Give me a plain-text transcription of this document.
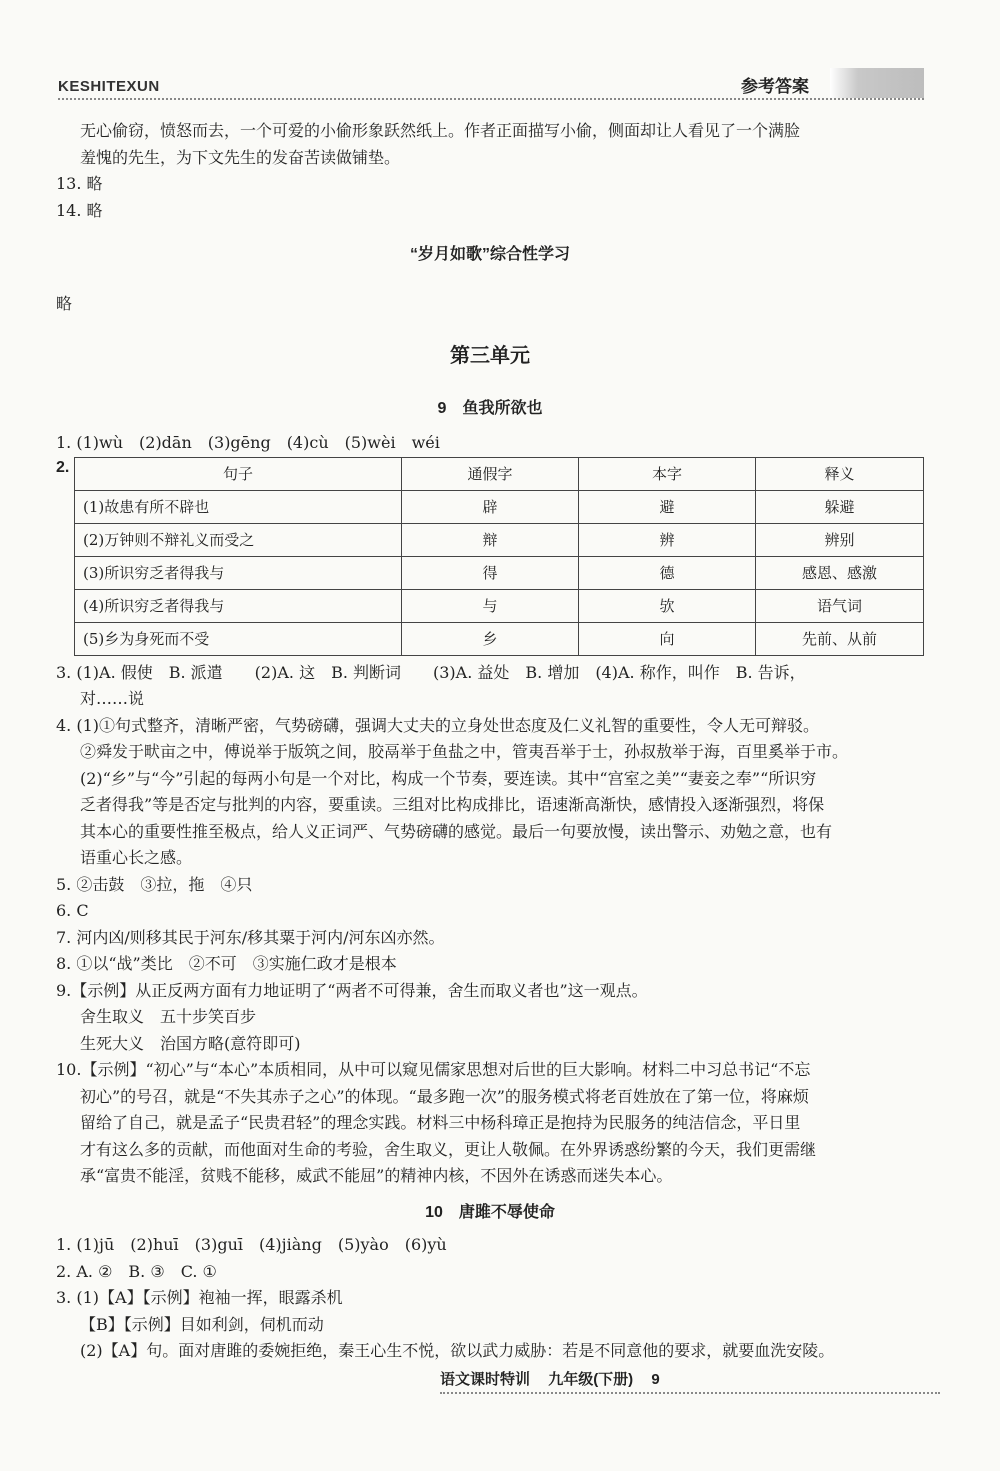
KESHITEXUN	参考答案

无心偷窃，愤怒而去，一个可爱的小偷形象跃然纸上。作者正面描写小偷，侧面却让人看见了一个满脸

羞愧的先生，为下文先生的发奋苦读做铺垫。

13. 略

14. 略

“岁月如歌”综合性学习

略

第三单元

9　鱼我所欲也

1. (1)wù　(2)dān　(3)gēng　(4)cù　(5)wèi　wéi

2.	句子	通假字	本字	释义
(1)故患有所不辟也	辟	避	躲避
(2)万钟则不辩礼义而受之	辩	辨	辨别
(3)所识穷乏者得我与	得	德	感恩、感激
(4)所识穷乏者得我与	与	欤	语气词
(5)乡为身死而不受	乡	向	先前、从前

3. (1)A. 假使　B. 派遣　　(2)A. 这　B. 判断词　　(3)A. 益处　B. 增加　(4)A. 称作，叫作　B. 告诉，

对……说

4. (1)①句式整齐，清晰严密，气势磅礴，强调大丈夫的立身处世态度及仁义礼智的重要性，令人无可辩驳。

②舜发于畎亩之中，傅说举于版筑之间，胶鬲举于鱼盐之中，管夷吾举于士，孙叔敖举于海，百里奚举于市。

(2)“乡”与“今”引起的每两小句是一个对比，构成一个节奏，要连读。其中“宫室之美”“妻妾之奉”“所识穷

乏者得我”等是否定与批判的内容，要重读。三组对比构成排比，语速渐高渐快，感情投入逐渐强烈，将保

其本心的重要性推至极点，给人义正词严、气势磅礴的感觉。最后一句要放慢，读出警示、劝勉之意，也有

语重心长之感。

5. ②击鼓　③拉，拖　④只

6. C

7. 河内凶/则移其民于河东/移其粟于河内/河东凶亦然。

8. ①以“战”类比　②不可　③实施仁政才是根本

9.【示例】从正反两方面有力地证明了“两者不可得兼，舍生而取义者也”这一观点。

舍生取义　五十步笑百步

生死大义　治国方略(意符即可)

10.【示例】“初心”与“本心”本质相同，从中可以窥见儒家思想对后世的巨大影响。材料二中习总书记“不忘

初心”的号召，就是“不失其赤子之心”的体现。“最多跑一次”的服务模式将老百姓放在了第一位，将麻烦

留给了自己，就是孟子“民贵君轻”的理念实践。材料三中杨科璋正是抱持为民服务的纯洁信念，平日里

才有这么多的贡献，而他面对生命的考验，舍生取义，更让人敬佩。在外界诱惑纷繁的今天，我们更需继

承“富贵不能淫，贫贱不能移，威武不能屈”的精神内核，不因外在诱惑而迷失本心。

10　唐雎不辱使命

1. (1)jū　(2)huī　(3)guī　(4)jiàng　(5)yào　(6)yù

2. A. ②　B. ③　C. ①

3. (1)【A】【示例】袍袖一挥，眼露杀机

【B】【示例】目如利剑，伺机而动

(2)【A】句。面对唐雎的委婉拒绝，秦王心生不悦，欲以武力威胁：若是不同意他的要求，就要血洗安陵。

语文课时特训 九年级(下册) 9
